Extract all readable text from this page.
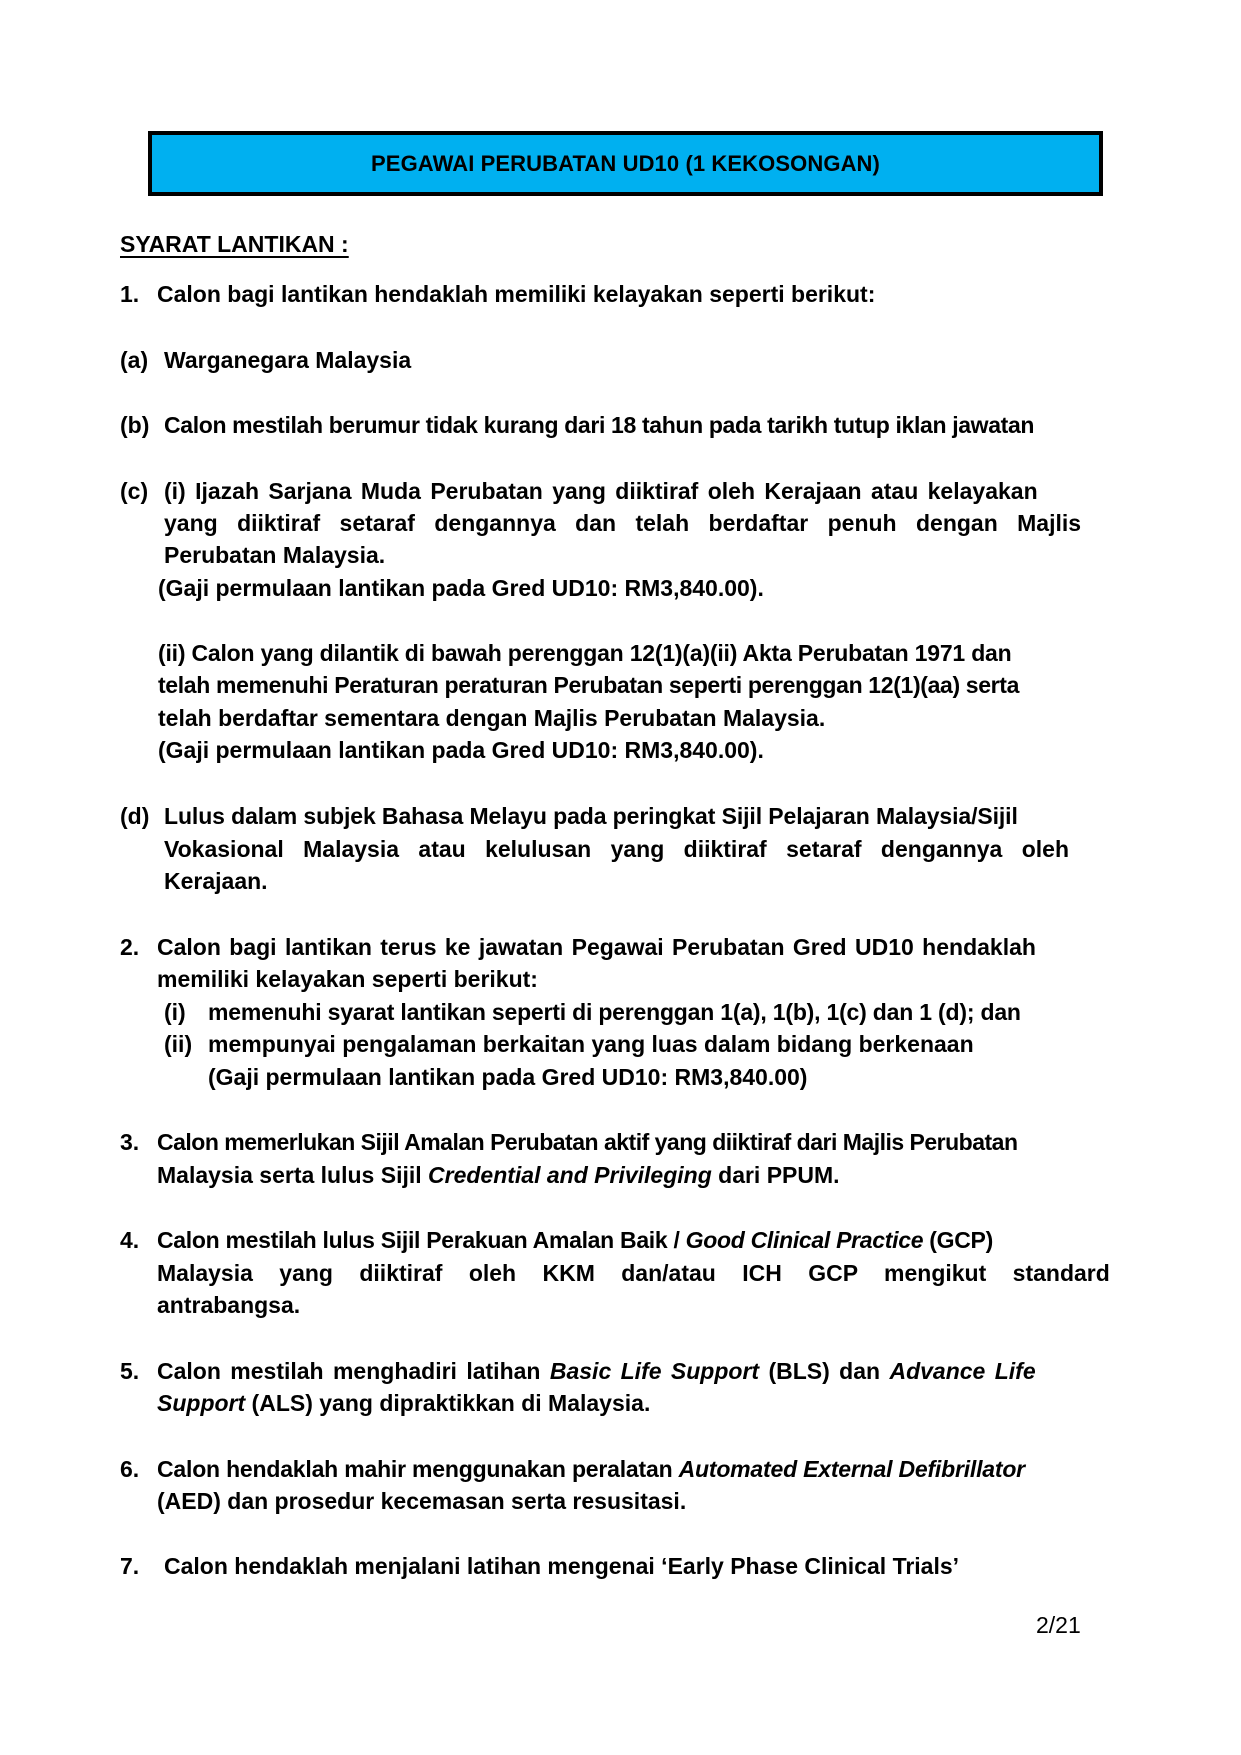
PEGAWAI PERUBATAN UD10 (1 KEKOSONGAN)
SYARAT LANTIKAN :
1. Calon bagi lantikan hendaklah memiliki kelayakan seperti berikut:
(a) Warganegara Malaysia
(b) Calon mestilah berumur tidak kurang dari 18 tahun pada tarikh tutup iklan jawatan
(c) (i) Ijazah Sarjana Muda Perubatan yang diiktiraf oleh Kerajaan atau kelayakan
yang diiktiraf setaraf dengannya dan telah berdaftar penuh dengan Majlis
Perubatan Malaysia.
(Gaji permulaan lantikan pada Gred UD10: RM3,840.00).
(ii) Calon yang dilantik di bawah perenggan 12(1)(a)(ii) Akta Perubatan 1971 dan
telah memenuhi Peraturan peraturan Perubatan seperti perenggan 12(1)(aa) serta
telah berdaftar sementara dengan Majlis Perubatan Malaysia.
(Gaji permulaan lantikan pada Gred UD10: RM3,840.00).
(d) Lulus dalam subjek Bahasa Melayu pada peringkat Sijil Pelajaran Malaysia/Sijil
Vokasional Malaysia atau kelulusan yang diiktiraf setaraf dengannya oleh
Kerajaan.
2. Calon bagi lantikan terus ke jawatan Pegawai Perubatan Gred UD10 hendaklah
memiliki kelayakan seperti berikut:
(i) memenuhi syarat lantikan seperti di perenggan 1(a), 1(b), 1(c) dan 1 (d); dan
(ii) mempunyai pengalaman berkaitan yang luas dalam bidang berkenaan
(Gaji permulaan lantikan pada Gred UD10: RM3,840.00)
3. Calon memerlukan Sijil Amalan Perubatan aktif yang diiktiraf dari Majlis Perubatan
Malaysia serta lulus Sijil Credential and Privileging dari PPUM.
4. Calon mestilah lulus Sijil Perakuan Amalan Baik / Good Clinical Practice (GCP)
Malaysia yang diiktiraf oleh KKM dan/atau ICH GCP mengikut standard
antrabangsa.
5. Calon mestilah menghadiri latihan Basic Life Support (BLS) dan Advance Life
Support (ALS) yang dipraktikkan di Malaysia.
6. Calon hendaklah mahir menggunakan peralatan Automated External Defibrillator
(AED) dan prosedur kecemasan serta resusitasi.
7. Calon hendaklah menjalani latihan mengenai ‘Early Phase Clinical Trials’
2/21
